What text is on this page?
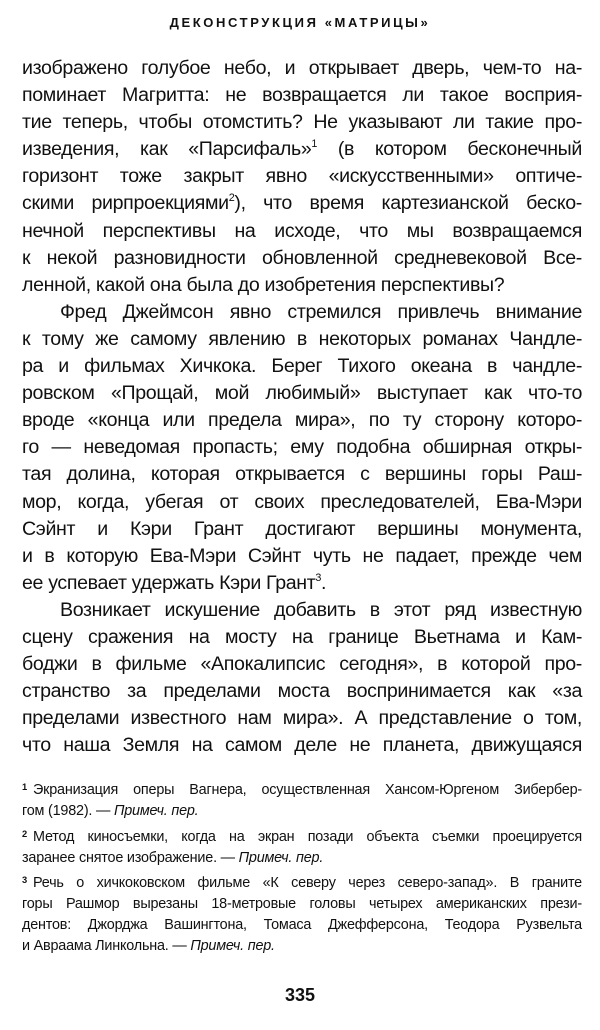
ДЕКОНСТРУКЦИЯ «МАТРИЦЫ»

изображено голубое небо, и открывает дверь, чем-то на-
поминает Магритта: не возвращается ли такое восприя-
тие теперь, чтобы отомстить? Не указывают ли такие про-
изведения, как «Парсифаль»$^1$ (в котором бесконечный
горизонт тоже закрыт явно «искусственными» оптиче-
скими рирпроекциями$^2$), что время картезианской беско-
нечной перспективы на исходе, что мы возвращаемся
к некой разновидности обновленной средневековой Все-
ленной, какой она была до изобретения перспективы?

Фред Джеймсон явно стремился привлечь внимание
к тому же самому явлению в некоторых романах Чандле-
ра и фильмах Хичкока. Берег Тихого океана в чандле-
ровском «Прощай, мой любимый» выступает как что-то
вроде «конца или предела мира», по ту сторону которо-
го — неведомая пропасть; ему подобна обширная откры-
тая долина, которая открывается с вершины горы Раш-
мор, когда, убегая от своих преследователей, Ева-Мэри
Сэйнт и Кэри Грант достигают вершины монумента,
и в которую Ева-Мэри Сэйнт чуть не падает, прежде чем
ее успевает удержать Кэри Грант$^3$.

Возникает искушение добавить в этот ряд известную
сцену сражения на мосту на границе Вьетнама и Кам-
боджи в фильме «Апокалипсис сегодня», в которой про-
странство за пределами моста воспринимается как «за
пределами известного нам мира». А представление о том,
что наша Земля на самом деле не планета, движущаяся

$^1$ Экранизация оперы Вагнера, осуществленная Хансом-Юргеном Зибербер-
гом (1982). — Примеч. пер.
$^2$ Метод киносъемки, когда на экран позади объекта съемки проецируется
заранее снятое изображение. — Примеч. пер.
$^3$ Речь о хичкоковском фильме «К северу через северо-запад». В граните
горы Рашмор вырезаны 18-метровые головы четырех американских прези-
дентов: Джорджа Вашингтона, Томаса Джефферсона, Теодора Рузвельта
и Авраама Линкольна. — Примеч. пер.
335
